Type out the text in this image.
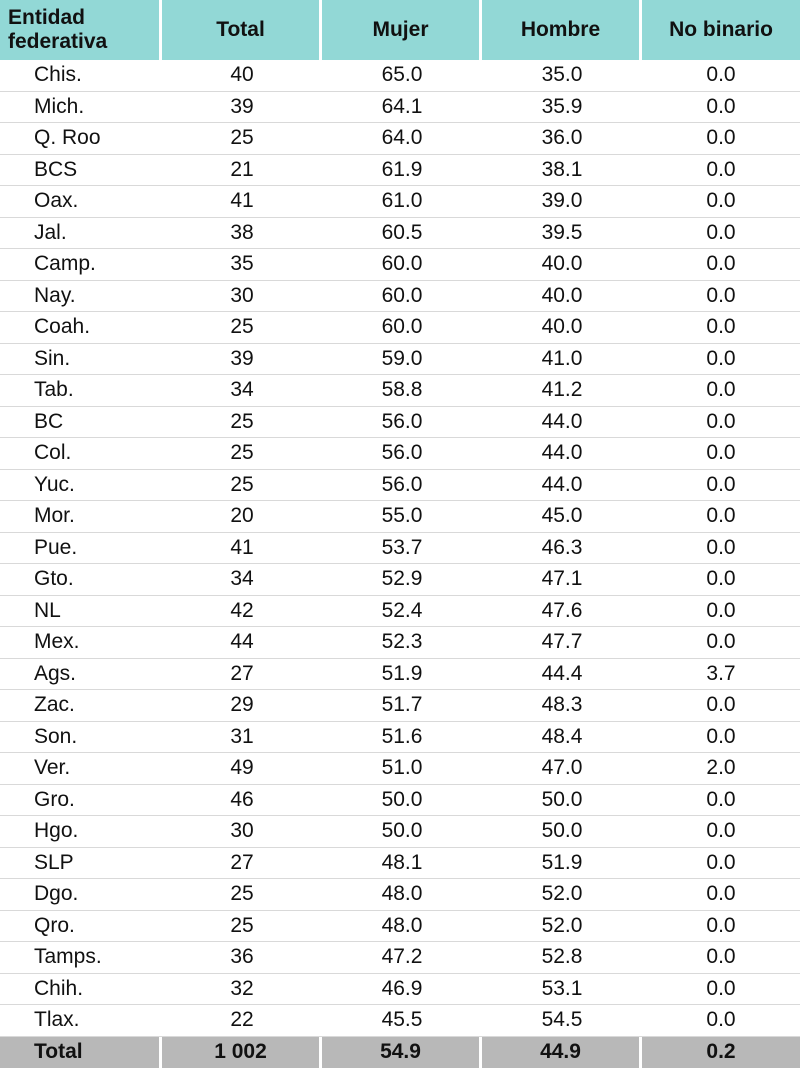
Entidad
federativa	Total	Mujer	Hombre	No binario
Chis.	40	65.0	35.0	0.0
Mich.	39	64.1	35.9	0.0
Q. Roo	25	64.0	36.0	0.0
BCS	21	61.9	38.1	0.0
Oax.	41	61.0	39.0	0.0
Jal.	38	60.5	39.5	0.0
Camp.	35	60.0	40.0	0.0
Nay.	30	60.0	40.0	0.0
Coah.	25	60.0	40.0	0.0
Sin.	39	59.0	41.0	0.0
Tab.	34	58.8	41.2	0.0
BC	25	56.0	44.0	0.0
Col.	25	56.0	44.0	0.0
Yuc.	25	56.0	44.0	0.0
Mor.	20	55.0	45.0	0.0
Pue.	41	53.7	46.3	0.0
Gto.	34	52.9	47.1	0.0
NL	42	52.4	47.6	0.0
Mex.	44	52.3	47.7	0.0
Ags.	27	51.9	44.4	3.7
Zac.	29	51.7	48.3	0.0
Son.	31	51.6	48.4	0.0
Ver.	49	51.0	47.0	2.0
Gro.	46	50.0	50.0	0.0
Hgo.	30	50.0	50.0	0.0
SLP	27	48.1	51.9	0.0
Dgo.	25	48.0	52.0	0.0
Qro.	25	48.0	52.0	0.0
Tamps.	36	47.2	52.8	0.0
Chih.	32	46.9	53.1	0.0
Tlax.	22	45.5	54.5	0.0
Total	1 002	54.9	44.9	0.2
